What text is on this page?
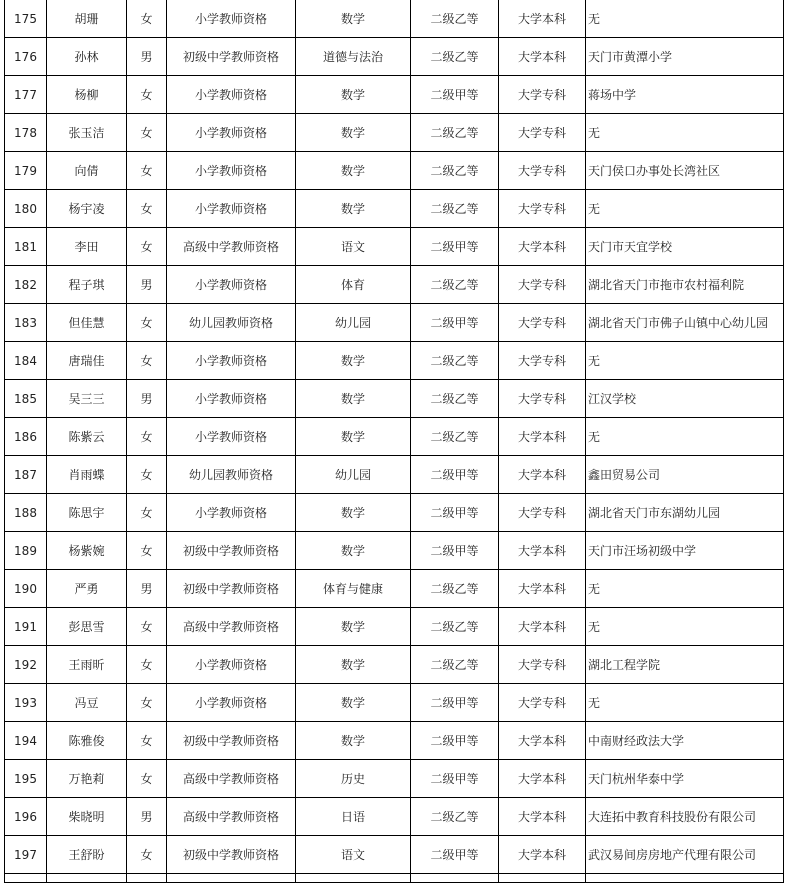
175	胡珊	女	小学教师资格	数学	二级乙等	大学本科	无
176	孙林	男	初级中学教师资格	道德与法治	二级乙等	大学本科	天门市黄潭小学
177	杨柳	女	小学教师资格	数学	二级甲等	大学专科	蒋场中学
178	张玉洁	女	小学教师资格	数学	二级乙等	大学专科	无
179	向倩	女	小学教师资格	数学	二级乙等	大学专科	天门侯口办事处长湾社区
180	杨宇凌	女	小学教师资格	数学	二级乙等	大学专科	无
181	李田	女	高级中学教师资格	语文	二级甲等	大学本科	天门市天宜学校
182	程子琪	男	小学教师资格	体育	二级乙等	大学专科	湖北省天门市拖市农村福利院
183	但佳慧	女	幼儿园教师资格	幼儿园	二级甲等	大学专科	湖北省天门市佛子山镇中心幼儿园
184	唐瑞佳	女	小学教师资格	数学	二级乙等	大学专科	无
185	吴三三	男	小学教师资格	数学	二级乙等	大学专科	江汉学校
186	陈紫云	女	小学教师资格	数学	二级乙等	大学本科	无
187	肖雨蝶	女	幼儿园教师资格	幼儿园	二级甲等	大学本科	鑫田贸易公司
188	陈思宇	女	小学教师资格	数学	二级甲等	大学专科	湖北省天门市东湖幼儿园
189	杨紫婉	女	初级中学教师资格	数学	二级甲等	大学本科	天门市汪场初级中学
190	严勇	男	初级中学教师资格	体育与健康	二级乙等	大学本科	无
191	彭思雪	女	高级中学教师资格	数学	二级乙等	大学本科	无
192	王雨昕	女	小学教师资格	数学	二级乙等	大学专科	湖北工程学院
193	冯豆	女	小学教师资格	数学	二级甲等	大学专科	无
194	陈雅俊	女	初级中学教师资格	数学	二级甲等	大学本科	中南财经政法大学
195	万艳莉	女	高级中学教师资格	历史	二级甲等	大学本科	天门杭州华泰中学
196	柴晓明	男	高级中学教师资格	日语	二级乙等	大学本科	大连拓中教育科技股份有限公司
197	王舒盼	女	初级中学教师资格	语文	二级甲等	大学本科	武汉易间房房地产代理有限公司
